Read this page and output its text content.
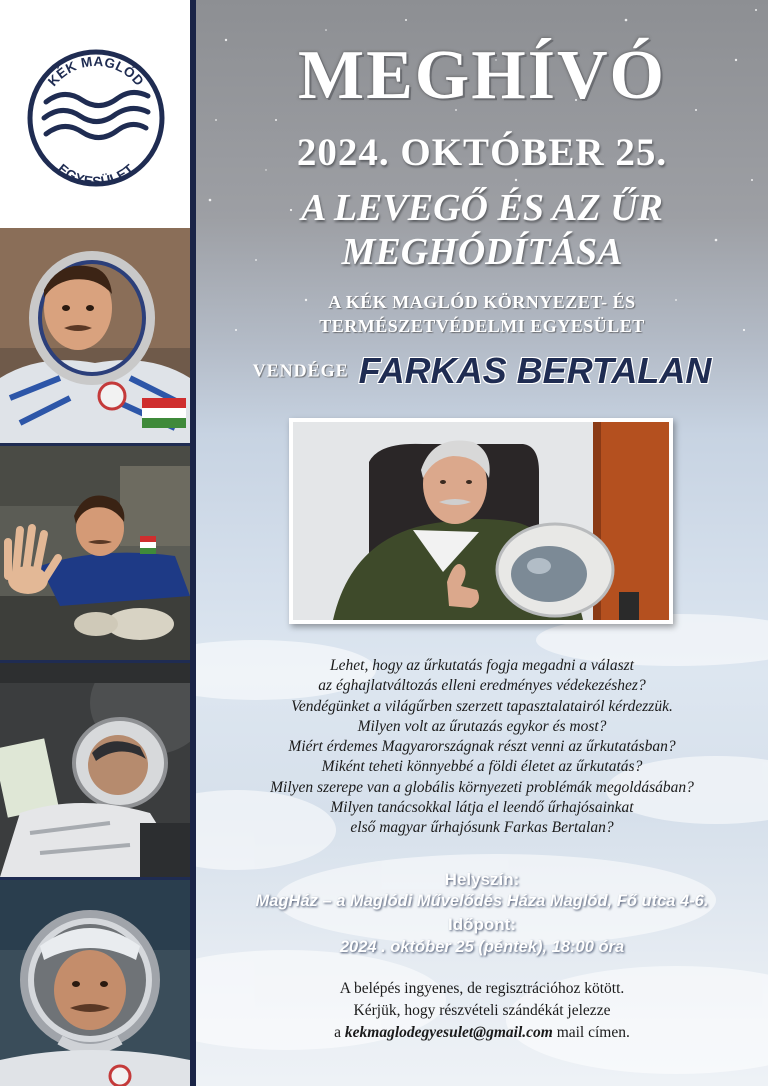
KÉK MAGLÓD
EGYESÜLET
MEGHÍVÓ
2024. OKTÓBER 25.
A LEVEGŐ ÉS AZ ŰR
MEGHÓDÍTÁSA
A KÉK MAGLÓD KÖRNYEZET- ÉS
TERMÉSZETVÉDELMI EGYESÜLET
VENDÉGE FARKAS BERTALAN
Lehet, hogy az űrkutatás fogja megadni a választ
az éghajlatváltozás elleni eredményes védekezéshez?
Vendégünket a világűrben szerzett tapasztalatairól kérdezzük.
Milyen volt az űrutazás egykor és most?
Miért érdemes Magyarországnak részt venni az űrkutatásban?
Miként teheti könnyebbé a földi életet az űrkutatás?
Milyen szerepe van a globális környezeti problémák megoldásában?
Milyen tanácsokkal látja el leendő űrhajósainkat
első magyar űrhajósunk Farkas Bertalan?
Helyszín:
MagHáz – a Maglódi Művelődés Háza Maglód, Fő utca 4-6.
Időpont:
2024 . október 25 (péntek), 18:00 óra
A belépés ingyenes, de regisztrációhoz kötött.
Kérjük, hogy részvételi szándékát jelezze
a kekmaglodegyesulet@gmail.com mail címen.
